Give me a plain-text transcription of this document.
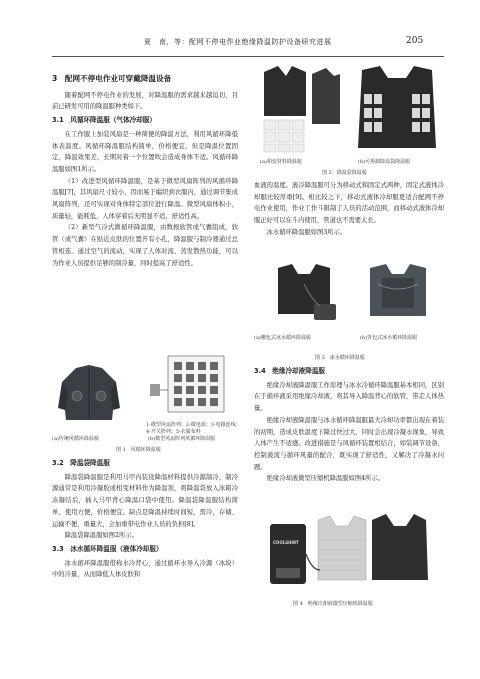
夏　南，等：配网不停电作业绝缘降温防护设备研究进展	205
3　配网不停电作业可穿戴降温设备

随着配网不停电作业的发展，对降温服的需求越来越迫切，目前已研发可用的降温服种类如下。

3.1　风循环降温服（气体冷却服）

在工作服上加装风扇是一种简便的降温方法，利用风循环降低体表温度。风循环降温服结构简单，价格便宜，但是降温位置固定，降温效果差，长期对着一个位置吹会造成身体不适。风循环降温服如图1所示。

（1）改进型风循环降温服，是基于微型风扇阵列的风循环降温服[7]，其风扇尺寸较小，因而易于编织到衣服内，通过调节集成风扇阵列，还可实现对身体特定部位进行降温。微型风扇体积小，质量轻，能耗低，人体穿着后无明显不适，舒适性高。

（2）新型气冷式微循环降温服，由数根软管或气囊组成，软管（或气囊）在贴近皮肤的位置开有小孔，降温服与制冷器通过总管相连。通过空气的流动，实现了人体对流、蒸发散热功能，可以为作业人员提供足够的制冷量，同时提高了舒适性。

1-微型风扇阵列；2-微电源；3-电路连线；
4-开关阵列；5-衣服布料
(a)传统风循环降温服	(b)微型风扇阵列风循环降温服
图 1　风循环降温服
3.2　降温袋降温服

降温袋降温服是利用马甲内装设降温材料提供冷源制冷，制冷源通常是利用冷凝胶或相变材料作为降温剂，将降温袋放入冰箱冷冻凝结后，插入马甲背心降温口袋中使用。降温袋降温服结构简单、使用方便，价格便宜。缺点是降温持续时间短，需冷，存储、运输不便，重量大，会加重带电作业人员的负担[8]。

降温袋降温服如图2所示。

3.3　冰水循环降温服（液体冷却服）

冰水循环降温服借称水冷背心，通过循环水导入冷源（冰块）中的冷量，从而降低人体皮肤和

(a)相变材料降温服	(b)可拆卸降温袋降温服
图 2　降温袋降温服

血液的温度。液冷降温服可分为移动式和固定式两种，固定式液体冷却服比较厚重[9]。相比较之下，移动式液体冷却服更适合配网不停电作业使用，作业工作斗限制了人员的活动范围，而移动式液体冷却服正好可以在斗内使用，管道也不需要太长。

冰水循环降温服如图3所示。

(a)腰包式冰水循环降温服	(b)背包式冰水循环降温服
图 3　冰水循环降温服
3.4　绝缘冷却液降温服

绝缘冷却液降温服工作原理与冰水冷循环降温服基本相同，区别在于循环液采用绝缘冷却液，将其导入降温背心的软管，带走人体热量。

绝缘冷却液降温服与冰水循环降温服最大冷却功率都出现在着装的初期，造成皮肤温度下降过快过大，同时会出现冷凝水现象，导致人体产生不适感。改进措施是与风循环装置相结合，如装调节设备，控制液流与循环风量的配合，既实现了舒适性，又解决了冷凝水问题。

绝缘冷却液微型压缩机降温服如图4所示。

COOLSHIRT
图 4　绝缘冷却液微型压缩机降温服
